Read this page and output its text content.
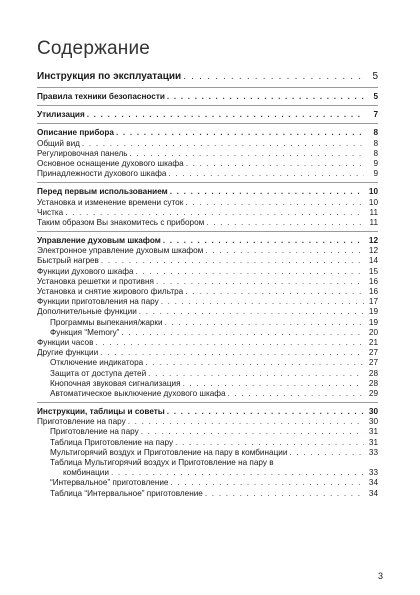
Содержание
Инструкция по эксплуатации . . .	5
Правила техники безопасности . . .	5
Утилизация . . .	7
Описание прибора . . .	8
Общий вид . . .	8
Регулировочная панель . . .	8
Основное оснащение духового шкафа . . .	9
Принадлежности духового шкафа . . .	9
Перед первым использованием . . .	10
Установка и изменение времени суток . . .	10
Чистка . . .	11
Таким образом Вы знакомитесь с прибором . . .	11
Управление духовым шкафом . . .	12
Электронное управление духовым шкафом . . .	12
Быстрый нагрев . . .	14
Функции духового шкафа . . .	15
Установка решетки и противня . . .	16
Установка и снятие жирового фильтра . . .	16
Функции приготовления на пару . . .	17
Дополнительные функции . . .	19
Программы выпекания/жарки . . .	19
Функция “Memory” . . .	20
Функции часов . . .	21
Другие функции . . .	27
Отключение индикатора . . .	27
Защита от доступа детей . . .	28
Кнопочная звуковая сигнализация . . .	28
Автоматическое выключение духового шкафа . . .	29
Инструкции, таблицы и советы . . .	30
Приготовление на пару . . .	30
Приготовление на пару . . .	31
Таблица Приготовление на пару . . .	31
Мультигорячий воздух и Приготовление на пару в комбинации . . .	33
Таблица Мультигорячий воздух и Приготовление на пару в
комбинации . . .	33
“Интервальное” приготовление . . .	34
Таблица “Интервальное” приготовление . . .	34
3
